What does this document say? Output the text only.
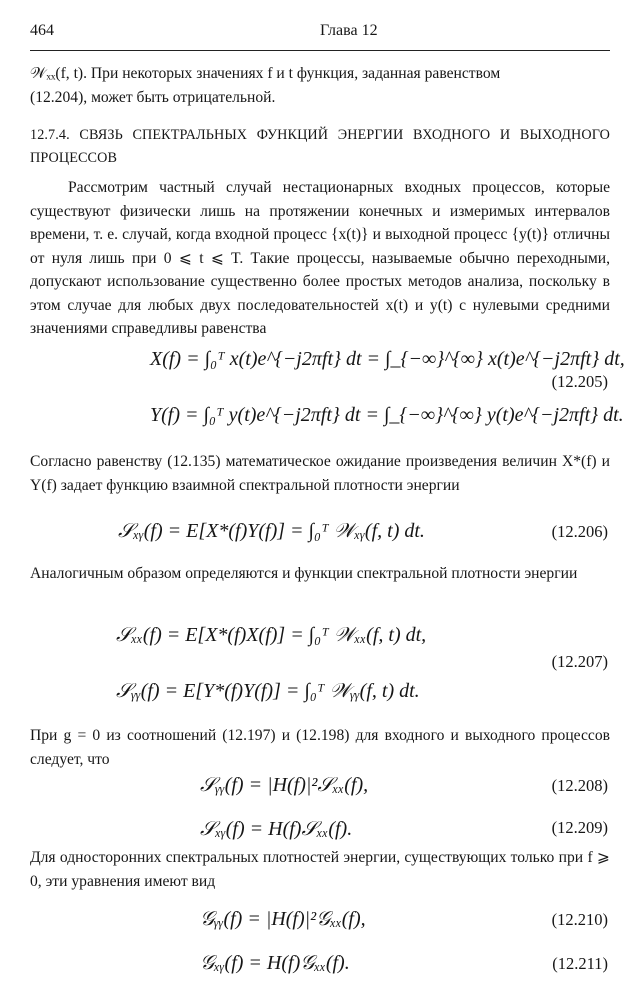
464	Глава 12

𝒲ₓₓ(f, t). При некоторых значениях f и t функция, заданная равенством

(12.204), может быть отрицательной.

12.7.4. СВЯЗЬ СПЕКТРАЛЬНЫХ ФУНКЦИЙ ЭНЕРГИИ ВХОДНОГО И ВЫХОДНОГО ПРОЦЕССОВ

Рассмотрим частный случай нестационарных входных процессов, которые существуют физически лишь на протяжении конечных и измеримых интервалов времени, т. е. случай, когда входной процесс {x(t)} и выходной процесс {y(t)} отличны от нуля лишь при 0 ⩽ t ⩽ T. Такие процессы, называемые обычно переходными, допускают использование существенно более простых методов анализа, поскольку в этом случае для любых двух последовательностей x(t) и y(t) с нулевыми средними значениями справедливы равенства

X(f) = ∫₀ᵀ x(t)e^{−j2πft} dt = ∫_{−∞}^{∞} x(t)e^{−j2πft} dt,
(12.205)
Y(f) = ∫₀ᵀ y(t)e^{−j2πft} dt = ∫_{−∞}^{∞} y(t)e^{−j2πft} dt.

Согласно равенству (12.135) математическое ожидание произведения величин X*(f) и Y(f) задает функцию взаимной спектральной плотности энергии

𝒮ₓᵧ(f) = E[X*(f)Y(f)] = ∫₀ᵀ 𝒲ₓᵧ(f, t) dt.	(12.206)

Аналогичным образом определяются и функции спектральной плотности энергии

𝒮ₓₓ(f) = E[X*(f)X(f)] = ∫₀ᵀ 𝒲ₓₓ(f, t) dt,
(12.207)
𝒮ᵧᵧ(f) = E[Y*(f)Y(f)] = ∫₀ᵀ 𝒲ᵧᵧ(f, t) dt.

При g = 0 из соотношений (12.197) и (12.198) для входного и выходного процессов следует, что

𝒮ᵧᵧ(f) = |H(f)|²𝒮ₓₓ(f),	(12.208)
𝒮ₓᵧ(f) = H(f)𝒮ₓₓ(f).	(12.209)

Для односторонних спектральных плотностей энергии, существующих только при f ⩾ 0, эти уравнения имеют вид

𝒢ᵧᵧ(f) = |H(f)|²𝒢ₓₓ(f),	(12.210)
𝒢ₓᵧ(f) = H(f)𝒢ₓₓ(f).	(12.211)
